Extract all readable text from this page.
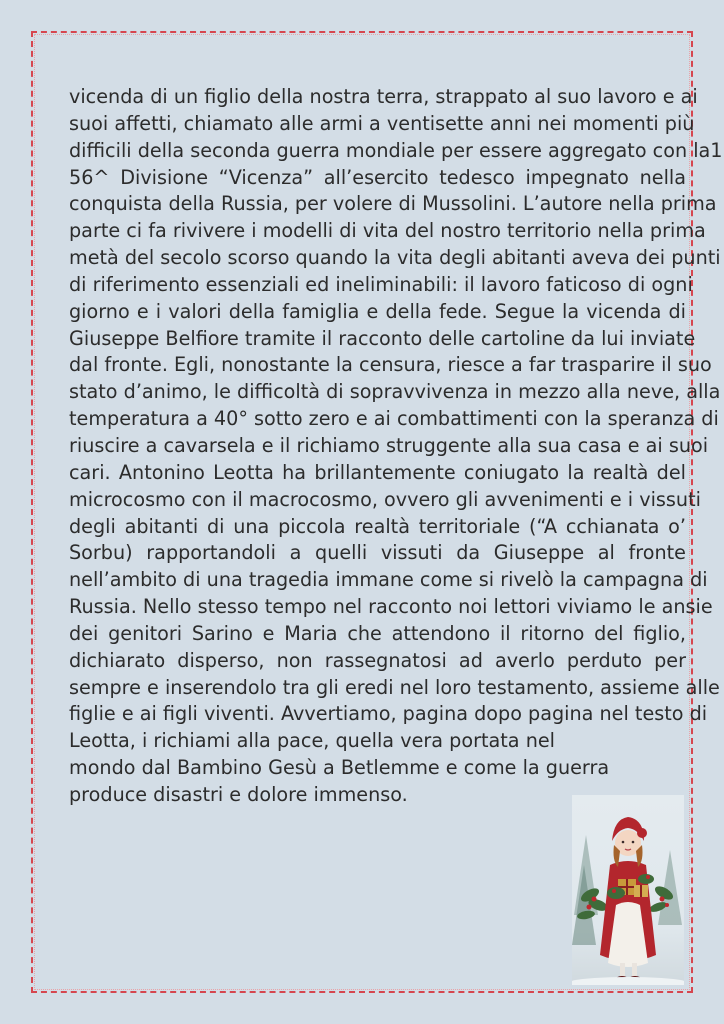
vicenda di un figlio della nostra terra, strappato al suo lavoro e ai
suoi affetti, chiamato alle armi a ventisette anni nei momenti più
difficili della seconda guerra mondiale per essere aggregato con la1
56^ Divisione “Vicenza” all’esercito tedesco impegnato nella
conquista della Russia, per volere di Mussolini. L’autore nella prima
parte ci fa rivivere i modelli di vita del nostro territorio nella prima
metà del secolo scorso quando la vita degli abitanti aveva dei punti
di riferimento essenziali ed ineliminabili: il lavoro faticoso di ogni
giorno e i valori della famiglia e della fede. Segue la vicenda di
Giuseppe Belfiore tramite il racconto delle cartoline da lui inviate
dal fronte. Egli, nonostante la censura, riesce a far trasparire il suo
stato d’animo, le difficoltà di sopravvivenza in mezzo alla neve, alla
temperatura a 40° sotto zero e ai combattimenti con la speranza di
riuscire a cavarsela e il richiamo struggente alla sua casa e ai suoi
cari. Antonino Leotta ha brillantemente coniugato la realtà del
microcosmo con il macrocosmo, ovvero gli avvenimenti e i vissuti
degli abitanti di una piccola realtà territoriale (“A cchianata o’
Sorbu) rapportandoli a quelli vissuti da Giuseppe al fronte
nell’ambito di una tragedia immane come si rivelò la campagna di
Russia. Nello stesso tempo nel racconto noi lettori viviamo le ansie
dei genitori Sarino e Maria che attendono il ritorno del figlio,
dichiarato disperso, non rassegnatosi ad averlo perduto per
sempre e inserendolo tra gli eredi nel loro testamento, assieme alle
figlie e ai figli viventi. Avvertiamo, pagina dopo pagina nel testo di
Leotta, i richiami alla pace, quella vera portata nel
mondo dal Bambino Gesù a Betlemme e come la guerra
produce disastri e dolore immenso.
